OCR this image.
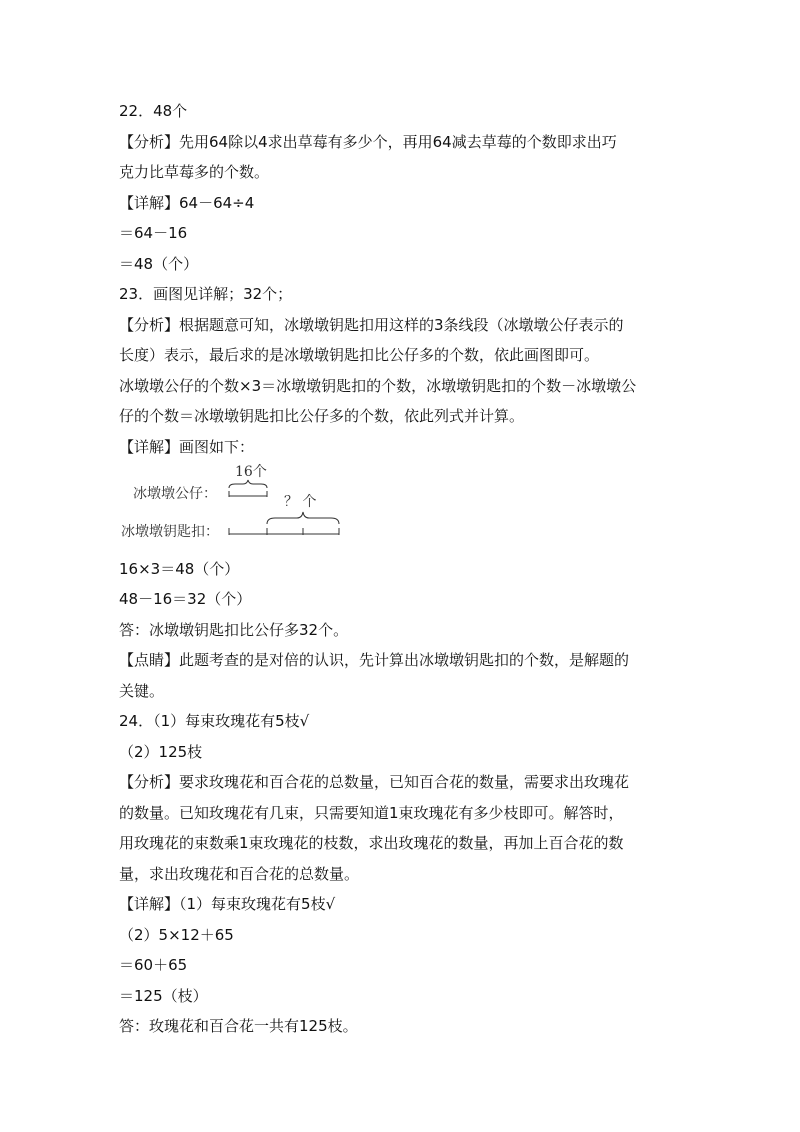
22．48个
【分析】先用64除以4求出草莓有多少个，再用64减去草莓的个数即求出巧
克力比草莓多的个数。
【详解】64－64÷4
＝64－16
＝48（个）
23．画图见详解；32个；
【分析】根据题意可知，冰墩墩钥匙扣用这样的3条线段（冰墩墩公仔表示的
长度）表示，最后求的是冰墩墩钥匙扣比公仔多的个数，依此画图即可。
冰墩墩公仔的个数×3＝冰墩墩钥匙扣的个数，冰墩墩钥匙扣的个数－冰墩墩公
仔的个数＝冰墩墩钥匙扣比公仔多的个数，依此列式并计算。
【详解】画图如下：
16个
冰墩墩公仔：	？ 个
冰墩墩钥匙扣：
16×3＝48（个）
48－16＝32（个）
答：冰墩墩钥匙扣比公仔多32个。
【点睛】此题考查的是对倍的认识，先计算出冰墩墩钥匙扣的个数，是解题的
关键。
24．（1）每束玫瑰花有5枝√
（2）125枝
【分析】要求玫瑰花和百合花的总数量，已知百合花的数量，需要求出玫瑰花
的数量。已知玫瑰花有几束，只需要知道1束玫瑰花有多少枝即可。解答时，
用玫瑰花的束数乘1束玫瑰花的枝数，求出玫瑰花的数量，再加上百合花的数
量，求出玫瑰花和百合花的总数量。
【详解】（1）每束玫瑰花有5枝√
（2）5×12＋65
＝60＋65
＝125（枝）
答：玫瑰花和百合花一共有125枝。
